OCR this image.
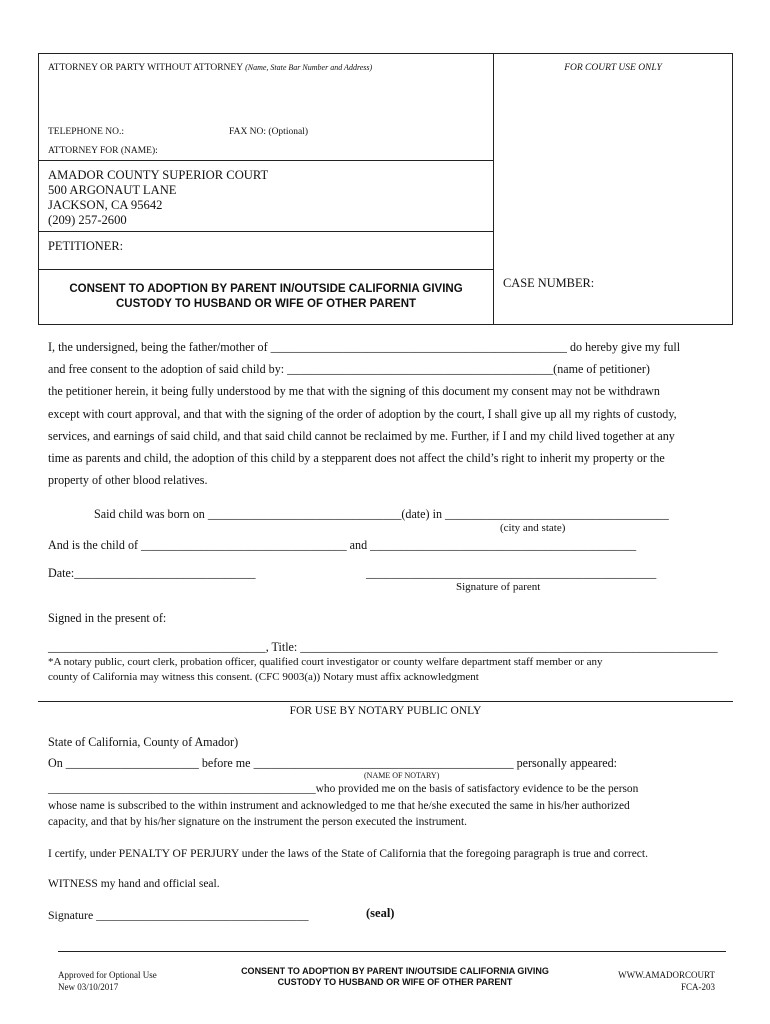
ATTORNEY OR PARTY WITHOUT ATTORNEY (Name, State Bar Number and Address)	FOR COURT USE ONLY
TELEPHONE NO.:	FAX NO: (Optional)
ATTORNEY FOR (NAME):
AMADOR COUNTY SUPERIOR COURT
500 ARGONAUT LANE
JACKSON, CA 95642
(209) 257-2600
PETITIONER:
CONSENT TO ADOPTION BY PARENT IN/OUTSIDE CALIFORNIA GIVING
CUSTODY TO HUSBAND OR WIFE OF OTHER PARENT
CASE NUMBER:
I, the undersigned, being the father/mother of _________________________________________________ do hereby give my full
and free consent to the adoption of said child by: ____________________________________________(name of petitioner)
the petitioner herein, it being fully understood by me that with the signing of this document my consent may not be withdrawn
except with court approval, and that with the signing of the order of adoption by the court, I shall give up all my rights of custody,
services, and earnings of said child, and that said child cannot be reclaimed by me. Further, if I and my child lived together at any
time as parents and child, the adoption of this child by a stepparent does not affect the child’s right to inherit my property or the
property of other blood relatives.
Said child was born on ________________________________(date) in _____________________________________
(city and state)
And is the child of __________________________________ and ____________________________________________
Date:______________________________	________________________________________________
Signature of parent
Signed in the present of:
____________________________________, Title: _____________________________________________________________________
*A notary public, court clerk, probation officer, qualified court investigator or county welfare department staff member or any
county of California may witness this consent. (CFC 9003(a)) Notary must affix acknowledgment
FOR USE BY NOTARY PUBLIC ONLY
State of California, County of Amador)
On ______________________ before me ___________________________________________ personally appeared:
(NAME OF NOTARY)
_______________________________________________who provided me on the basis of satisfactory evidence to be the person
whose name is subscribed to the within instrument and acknowledged to me that he/she executed the same in his/her authorized
capacity, and that by his/her signature on the instrument the person executed the instrument.
I certify, under PENALTY OF PERJURY under the laws of the State of California that the foregoing paragraph is true and correct.
WITNESS my hand and official seal.
Signature ____________________________________	(seal)
Approved for Optional Use
New 03/10/2017
CONSENT TO ADOPTION BY PARENT IN/OUTSIDE CALIFORNIA GIVING
CUSTODY TO HUSBAND OR WIFE OF OTHER PARENT
WWW.AMADORCOURT
FCA-203
